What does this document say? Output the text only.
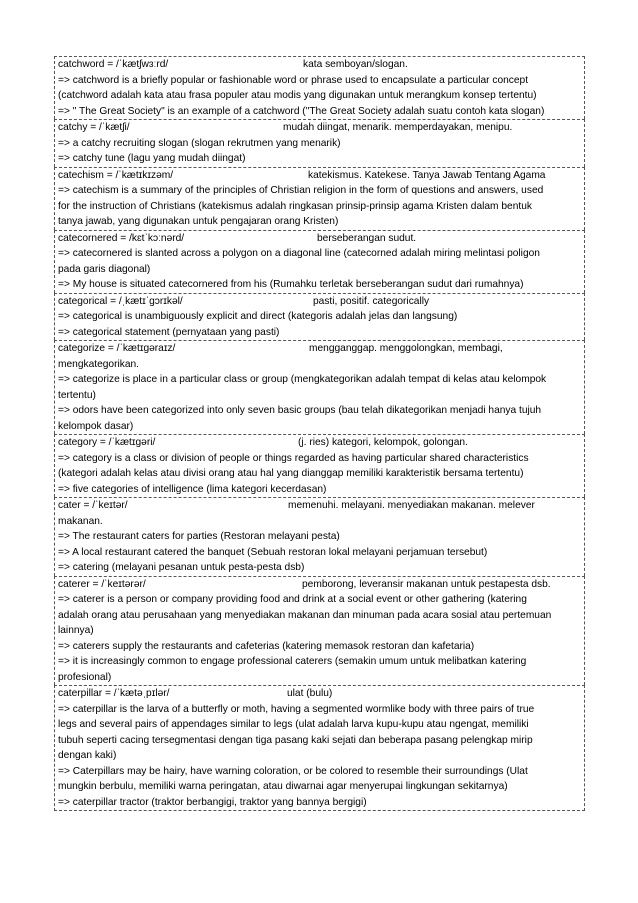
catchword = /ˈkætʃwɜːrd/	kata semboyan/slogan.
=> catchword is a briefly popular or fashionable word or phrase used to encapsulate a particular concept
(catchword adalah kata atau frasa populer atau modis yang digunakan untuk merangkum konsep tertentu)
=> " The Great Society" is an example of a catchword ("The Great Society adalah suatu contoh kata slogan)
catchy = /ˈkætʃi/	mudah diingat, menarik. memperdayakan, menipu.
=> a catchy recruiting slogan (slogan rekrutmen yang menarik)
=> catchy tune (lagu yang mudah diingat)
catechism = /ˈkætɪkɪzəm/	katekismus. Katekese. Tanya Jawab Tentang Agama
=> catechism is a summary of the principles of Christian religion in the form of questions and answers, used
for the instruction of Christians (katekismus adalah ringkasan prinsip-prinsip agama Kristen dalam bentuk
tanya jawab, yang digunakan untuk pengajaran orang Kristen)
catecornered = /kɛtˈkɔːnərd/	berseberangan sudut.
=> catecornered is slanted across a polygon on a diagonal line (catecorned adalah miring melintasi poligon
pada garis diagonal)
=> My house is situated catecornered from his (Rumahku terletak berseberangan sudut dari rumahnya)
categorical = /ˌkætɪˈɡɔrɪkəl/	pasti, positif. categorically
=> categorical is unambiguously explicit and direct (kategoris adalah jelas dan langsung)
=> categorical statement (pernyataan yang pasti)
categorize = /ˈkætɪɡəraɪz/	mengganggap. menggolongkan, membagi,
mengkategorikan.
=> categorize is place in a particular class or group (mengkategorikan adalah tempat di kelas atau kelompok
tertentu)
=> odors have been categorized into only seven basic groups (bau telah dikategorikan menjadi hanya tujuh
kelompok dasar)
category = /ˈkætɪɡəri/	(j. ries) kategori, kelompok, golongan.
=> category is a class or division of people or things regarded as having particular shared characteristics
(kategori adalah kelas atau divisi orang atau hal yang dianggap memiliki karakteristik bersama tertentu)
=> five categories of intelligence (lima kategori kecerdasan)
cater = /ˈkeɪtər/	memenuhi. melayani. menyediakan makanan. melever
makanan.
=> The restaurant caters for parties (Restoran melayani pesta)
=> A local restaurant catered the banquet (Sebuah restoran lokal melayani perjamuan tersebut)
=> catering (melayani pesanan untuk pesta-pesta dsb)
caterer = /ˈkeɪtərər/	pemborong, leveransir makanan untuk pestapesta dsb.
=> caterer is a person or company providing food and drink at a social event or other gathering (katering
adalah orang atau perusahaan yang menyediakan makanan dan minuman pada acara sosial atau pertemuan
lainnya)
=> caterers supply the restaurants and cafeterias (katering memasok restoran dan kafetaria)
=> it is increasingly common to engage professional caterers (semakin umum untuk melibatkan katering
profesional)
caterpillar = /ˈkætəˌpɪlər/	ulat (bulu)
=> caterpillar is the larva of a butterfly or moth, having a segmented wormlike body with three pairs of true
legs and several pairs of appendages similar to legs (ulat adalah larva kupu-kupu atau ngengat, memiliki
tubuh seperti cacing tersegmentasi dengan tiga pasang kaki sejati dan beberapa pasang pelengkap mirip
dengan kaki)
=> Caterpillars may be hairy, have warning coloration, or be colored to resemble their surroundings (Ulat
mungkin berbulu, memiliki warna peringatan, atau diwarnai agar menyerupai lingkungan sekitarnya)
=> caterpillar tractor (traktor berbangigi, traktor yang bannya bergigi)
